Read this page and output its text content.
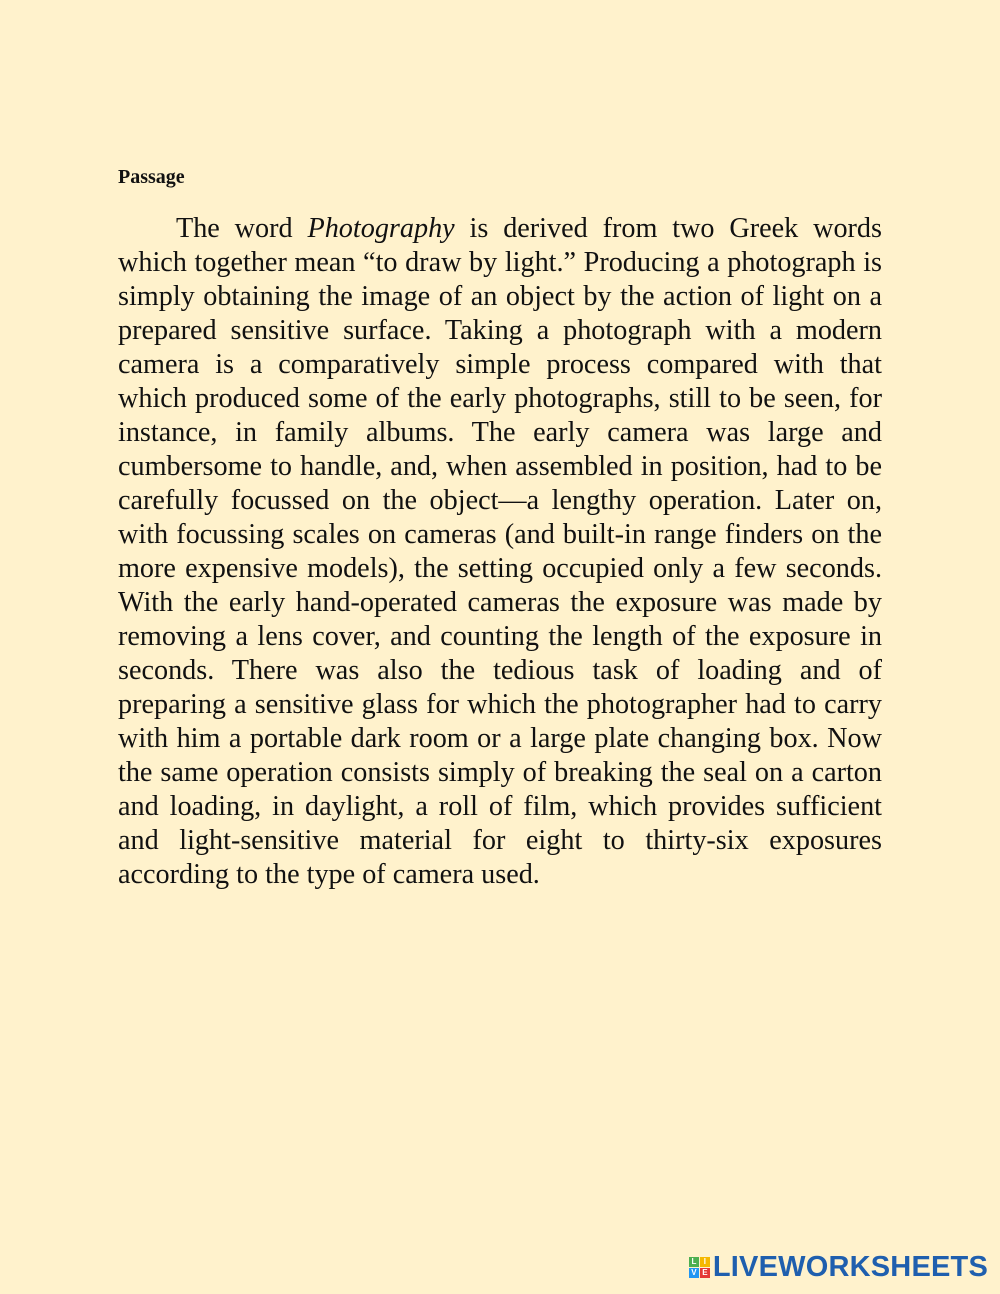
Passage

The word Photography is derived from two Greek words which together mean “to draw by light.” Producing a photograph is simply obtaining the image of an object by the action of light on a prepared sensitive surface. Taking a photograph with a modern camera is a comparatively simple process compared with that which produced some of the early photographs, still to be seen, for instance, in family albums. The early camera was large and cumbersome to handle, and, when assembled in position, had to be carefully focussed on the object—a lengthy operation. Later on, with focussing scales on cameras (and built-in range finders on the more expensive models), the setting occupied only a few seconds. With the early hand-operated cameras the exposure was made by removing a lens cover, and counting the length of the exposure in seconds. There was also the tedious task of loading and of preparing a sensitive glass for which the photographer had to carry with him a portable dark room or a large plate changing box. Now the same operation consists simply of breaking the seal on a carton and loading, in daylight, a roll of film, which provides sufficient and light-sensitive material for eight to thirty-six exposures according to the type of camera used.

L I
V E LIVEWORKSHEETS
